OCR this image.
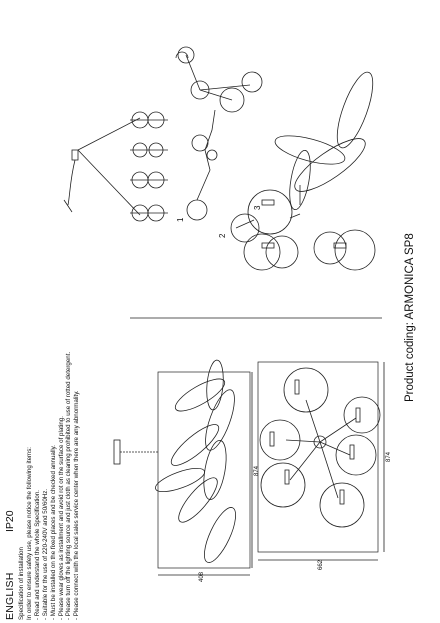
ENGLISH
IP20
Specification of installation In order to ensure safety use, please notice the following items: - Read and understand the whole Specification. - Suitable for the use of 220-240V and 50/60Hz. - Must be installed on the fixed places and be checked annually. - Please wear gloves as installment and avoid rot on the surface of plating. - Please turn off the lighting source and just cloth as cleaning prohibited to use of rotted detergent. - Please connect with the local sales service center when there are any abnormality.
Product coding: ARMONICA SP8
874
408
874
662
1
2
3
